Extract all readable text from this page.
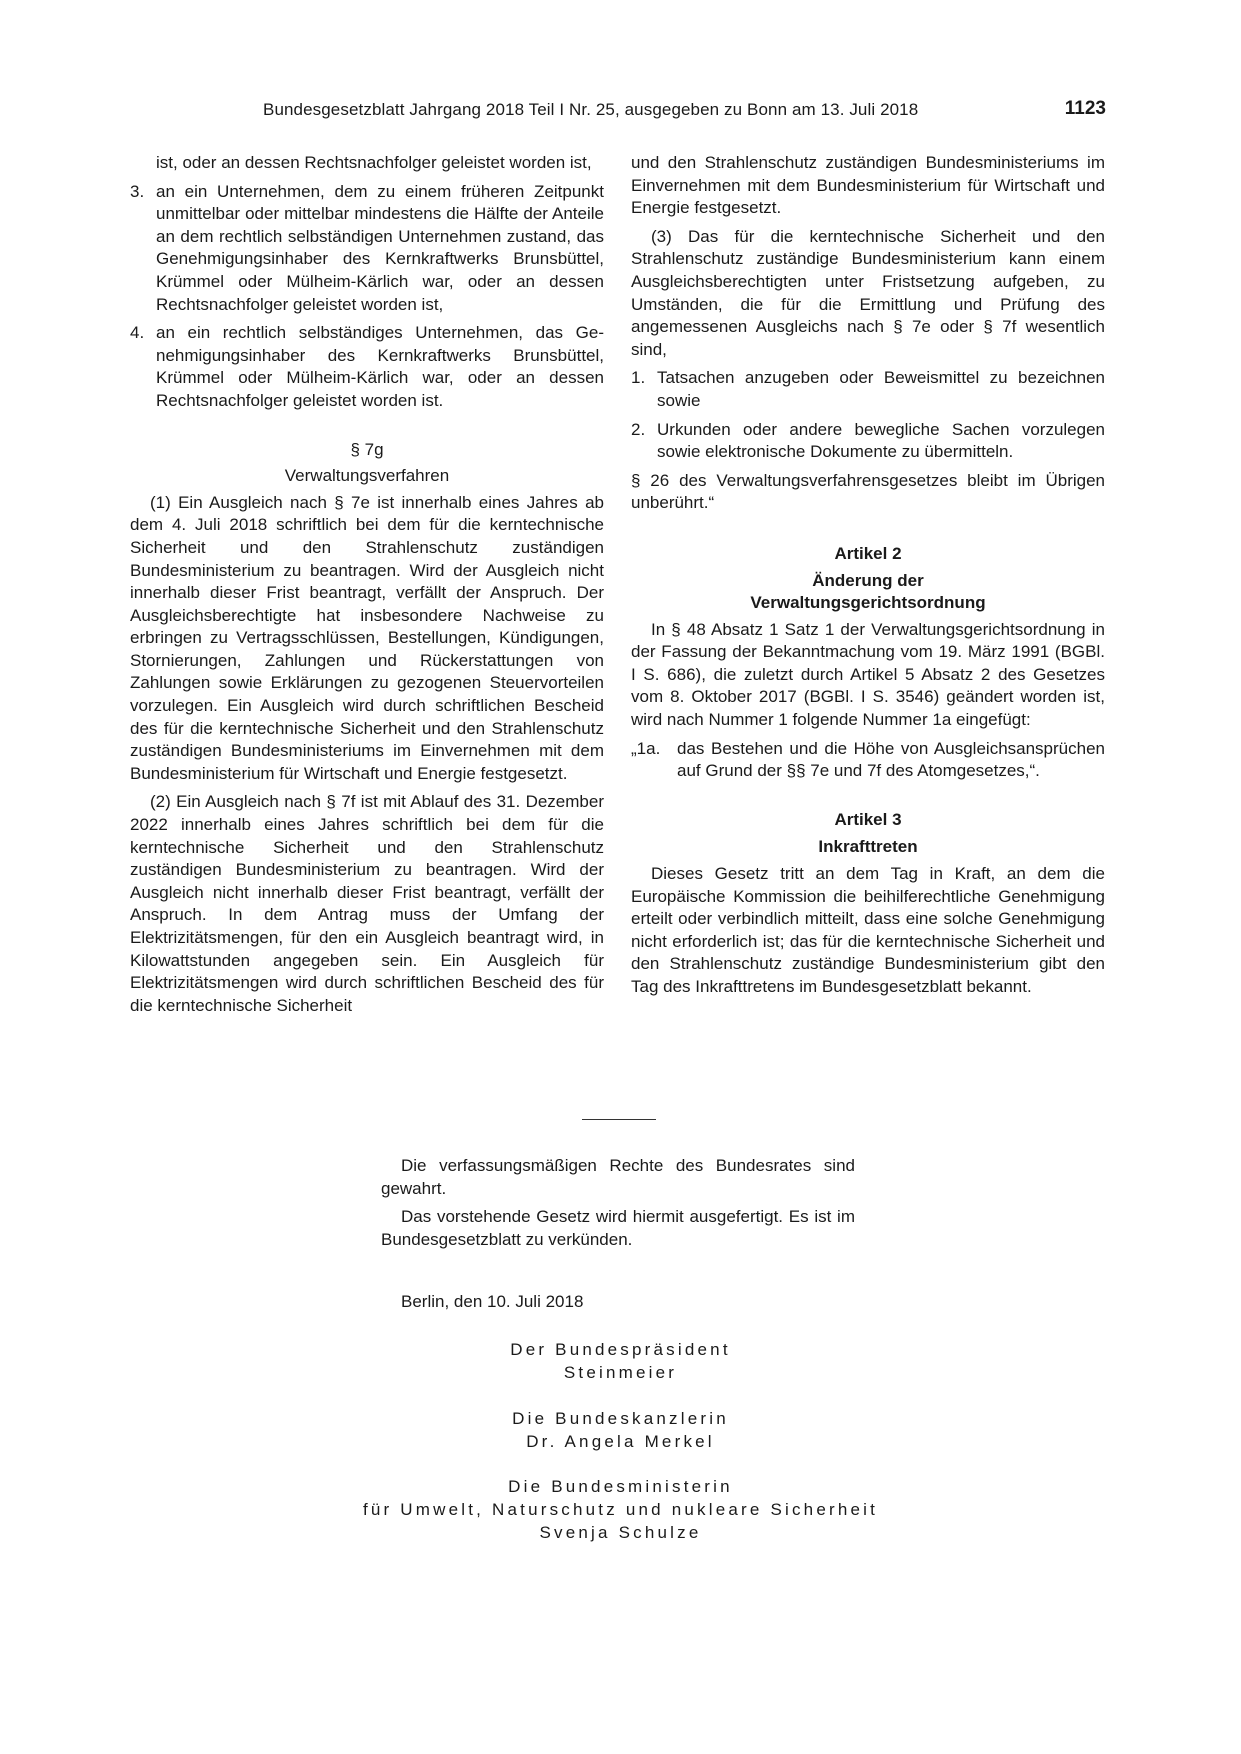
Bundesgesetzblatt Jahrgang 2018 Teil I Nr. 25, ausgegeben zu Bonn am 13. Juli 2018	1123

ist, oder an dessen Rechtsnachfolger geleistet worden ist,

3. an ein Unternehmen, dem zu einem früheren Zeitpunkt unmittelbar oder mittelbar mindestens die Hälfte der Anteile an dem rechtlich selbständigen Unternehmen zustand, das Genehmigungsinhaber des Kernkraftwerks Brunsbüttel, Krümmel oder Mülheim-Kärlich war, oder an dessen Rechtsnachfolger geleistet worden ist,
4. an ein rechtlich selbständiges Unternehmen, das Genehmigungsinhaber des Kernkraftwerks Brunsbüttel, Krümmel oder Mülheim-Kärlich war, oder an dessen Rechtsnachfolger geleistet worden ist.

§ 7g

Verwaltungsverfahren

(1) Ein Ausgleich nach § 7e ist innerhalb eines Jahres ab dem 4. Juli 2018 schriftlich bei dem für die kerntechnische Sicherheit und den Strahlenschutz zuständigen Bundesministerium zu beantragen. Wird der Ausgleich nicht innerhalb dieser Frist beantragt, verfällt der Anspruch. Der Ausgleichsberechtigte hat insbesondere Nachweise zu erbringen zu Vertragsschlüssen, Bestellungen, Kündigungen, Stornierungen, Zahlungen und Rückerstattungen von Zahlungen sowie Erklärungen zu gezogenen Steuervorteilen vorzulegen. Ein Ausgleich wird durch schriftlichen Bescheid des für die kerntechnische Sicherheit und den Strahlenschutz zuständigen Bundesministeriums im Einvernehmen mit dem Bundesministerium für Wirtschaft und Energie festgesetzt.

(2) Ein Ausgleich nach § 7f ist mit Ablauf des 31. Dezember 2022 innerhalb eines Jahres schriftlich bei dem für die kerntechnische Sicherheit und den Strahlenschutz zuständigen Bundesministerium zu beantragen. Wird der Ausgleich nicht innerhalb dieser Frist beantragt, verfällt der Anspruch. In dem Antrag muss der Umfang der Elektrizitätsmengen, für den ein Ausgleich beantragt wird, in Kilowattstunden angegeben sein. Ein Ausgleich für Elektrizitätsmengen wird durch schriftlichen Bescheid des für die kerntechnische Sicherheit

und den Strahlenschutz zuständigen Bundesministeriums im Einvernehmen mit dem Bundesministerium für Wirtschaft und Energie festgesetzt.

(3) Das für die kerntechnische Sicherheit und den Strahlenschutz zuständige Bundesministerium kann einem Ausgleichsberechtigten unter Fristsetzung aufgeben, zu Umständen, die für die Ermittlung und Prüfung des angemessenen Ausgleichs nach § 7e oder § 7f wesentlich sind,

1. Tatsachen anzugeben oder Beweismittel zu bezeichnen sowie
2. Urkunden oder andere bewegliche Sachen vorzulegen sowie elektronische Dokumente zu übermitteln.

§ 26 des Verwaltungsverfahrensgesetzes bleibt im Übrigen unberührt.“

Artikel 2

Änderung der

Verwaltungsgerichtsordnung

In § 48 Absatz 1 Satz 1 der Verwaltungsgerichtsordnung in der Fassung der Bekanntmachung vom 19. März 1991 (BGBl. I S. 686), die zuletzt durch Artikel 5 Absatz 2 des Gesetzes vom 8. Oktober 2017 (BGBl. I S. 3546) geändert worden ist, wird nach Nummer 1 folgende Nummer 1a eingefügt:

„1a. das Bestehen und die Höhe von Ausgleichsansprüchen auf Grund der §§ 7e und 7f des Atomgesetzes,“.

Artikel 3

Inkrafttreten

Dieses Gesetz tritt an dem Tag in Kraft, an dem die Europäische Kommission die beihilferechtliche Genehmigung erteilt oder verbindlich mitteilt, dass eine solche Genehmigung nicht erforderlich ist; das für die kerntechnische Sicherheit und den Strahlenschutz zuständige Bundesministerium gibt den Tag des Inkrafttretens im Bundesgesetzblatt bekannt.

Die verfassungsmäßigen Rechte des Bundesrates sind gewahrt.

Das vorstehende Gesetz wird hiermit ausgefertigt. Es ist im Bundesgesetzblatt zu verkünden.

Berlin, den 10. Juli 2018

Der Bundespräsident
Steinmeier
Die Bundeskanzlerin
Dr. Angela Merkel
Die Bundesministerin
für Umwelt, Naturschutz und nukleare Sicherheit
Svenja Schulze
